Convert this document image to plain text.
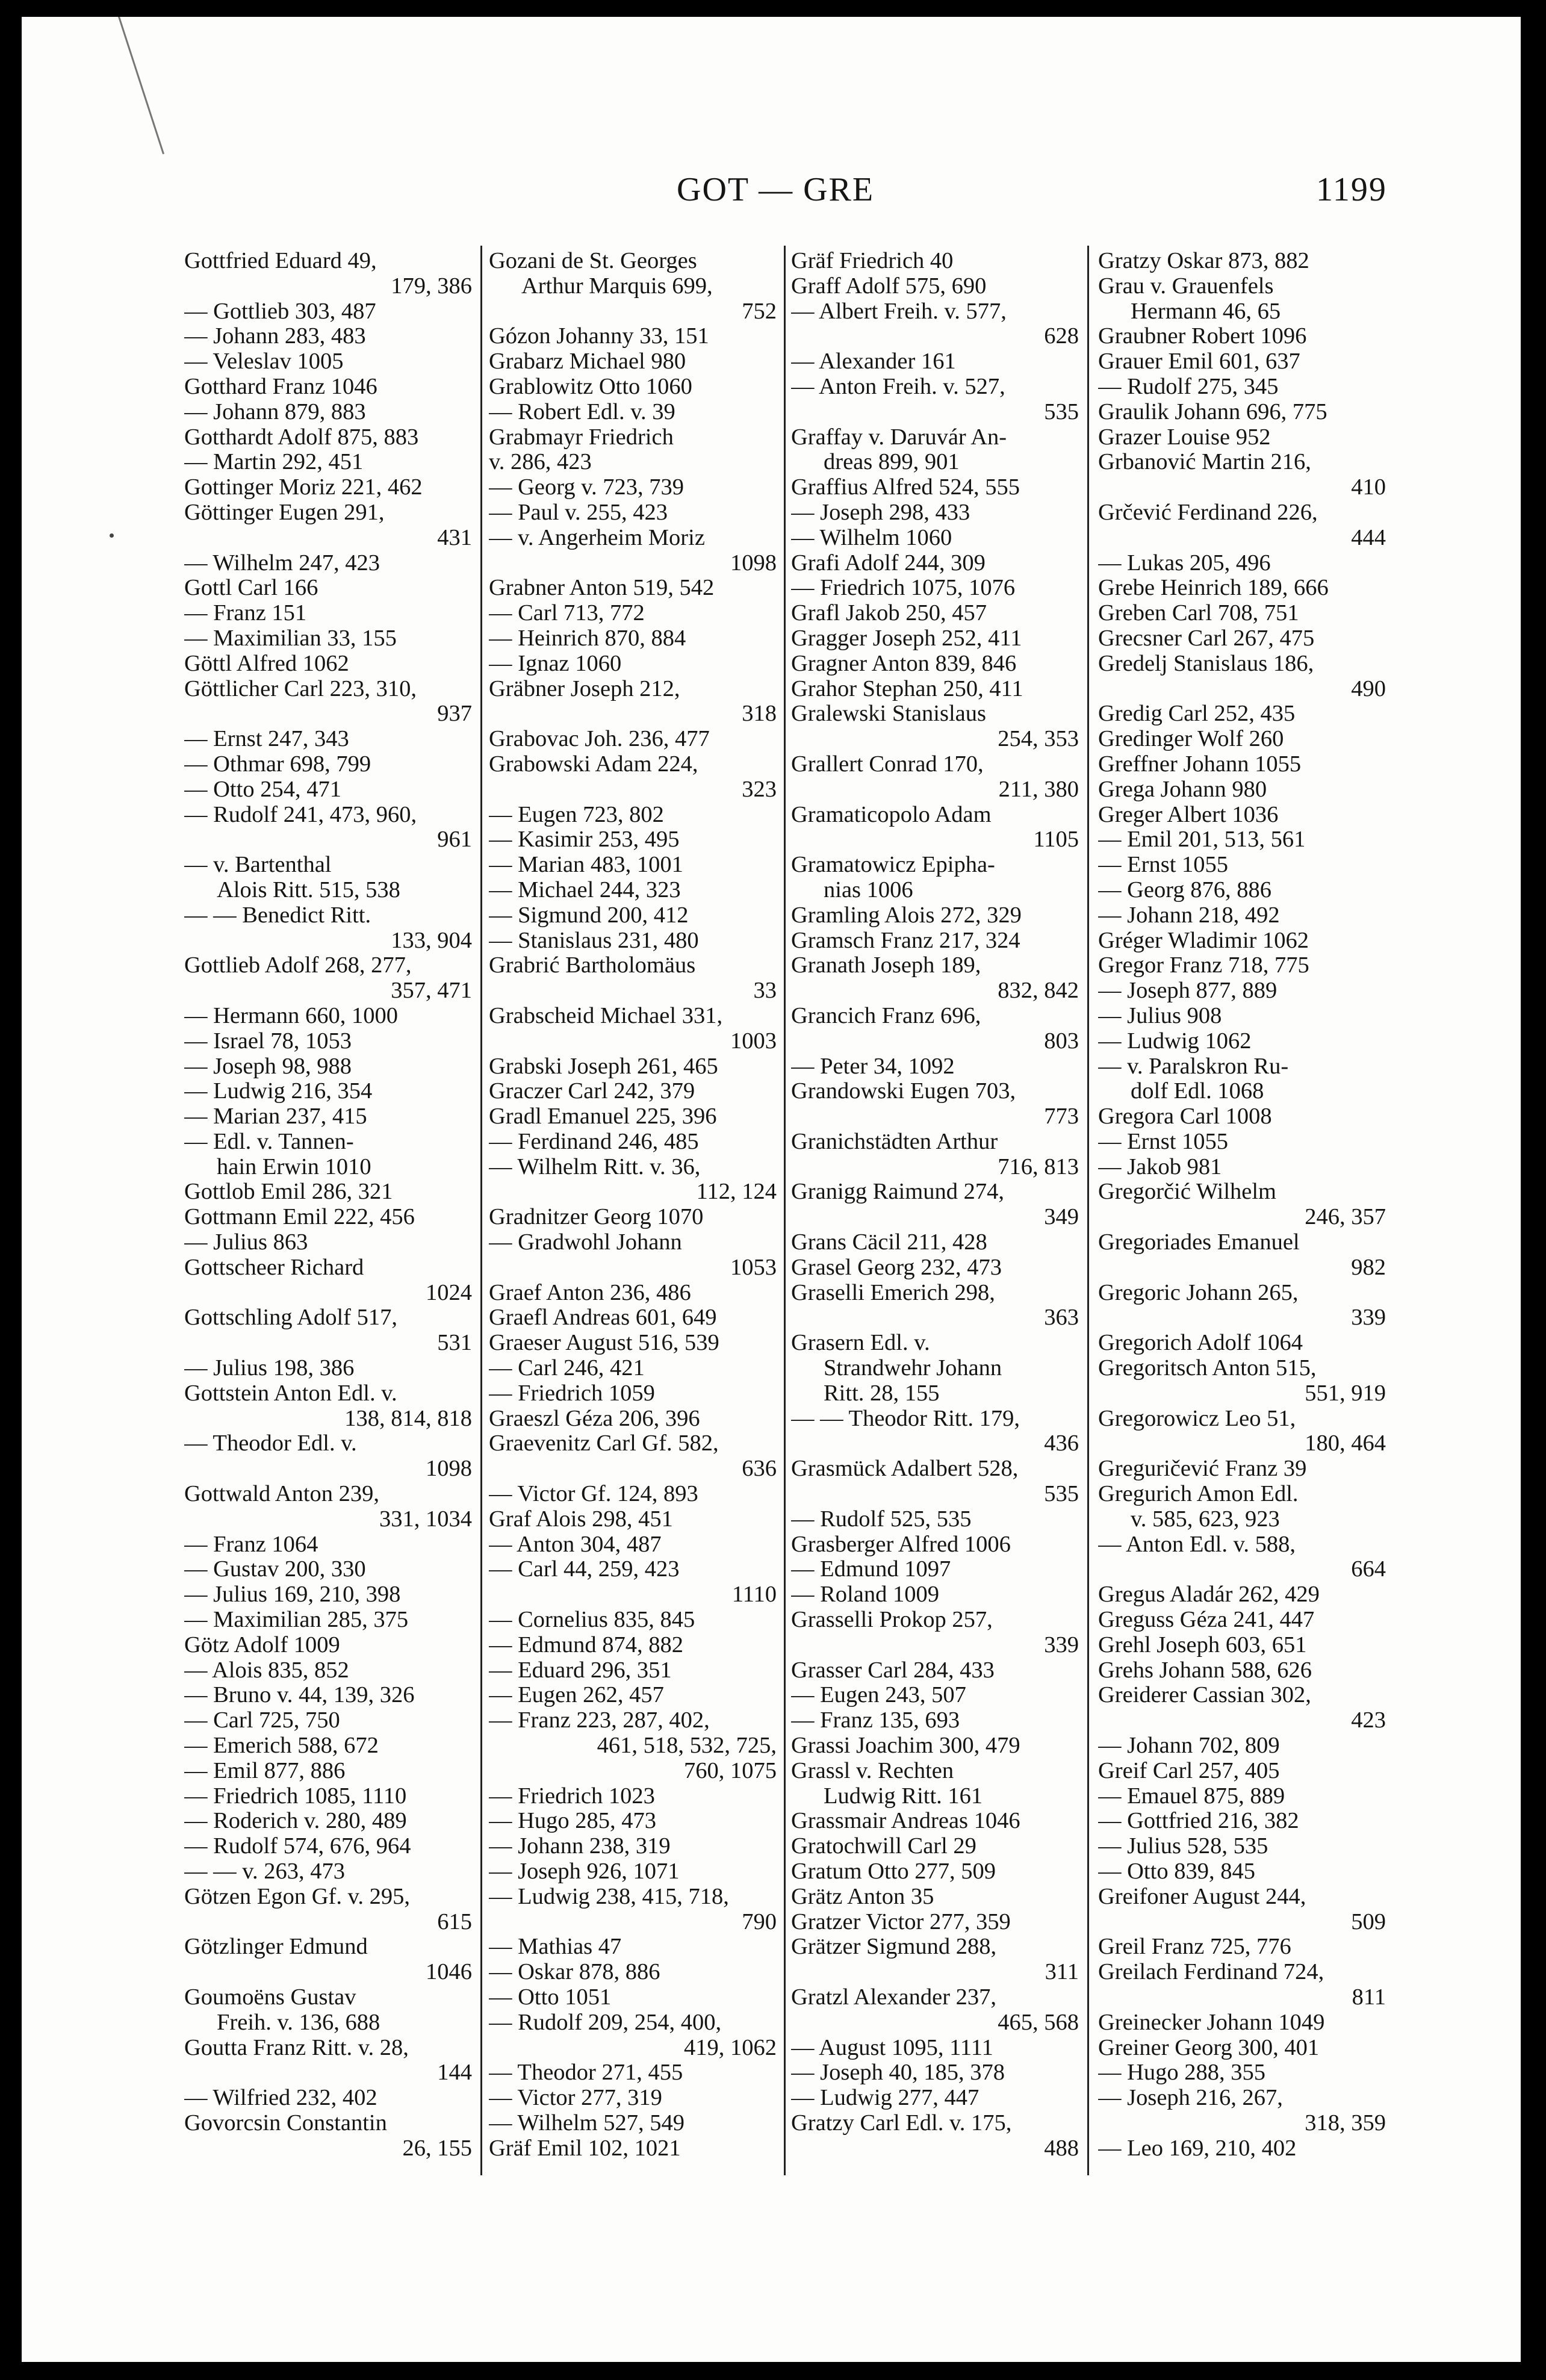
GOT — GRE	1199
Gottfried Eduard 49,
179, 386
— Gottlieb 303, 487
— Johann 283, 483
— Veleslav 1005
Gotthard Franz 1046
— Johann 879, 883
Gotthardt Adolf 875, 883
— Martin 292, 451
Gottinger Moriz 221, 462
Göttinger Eugen 291,
431
— Wilhelm 247, 423
Gottl Carl 166
— Franz 151
— Maximilian 33, 155
Göttl Alfred 1062
Göttlicher Carl 223, 310,
937
— Ernst 247, 343
— Othmar 698, 799
— Otto 254, 471
— Rudolf 241, 473, 960,
961
— v. Bartenthal
Alois Ritt. 515, 538
— — Benedict Ritt.
133, 904
Gottlieb Adolf 268, 277,
357, 471
— Hermann 660, 1000
— Israel 78, 1053
— Joseph 98, 988
— Ludwig 216, 354
— Marian 237, 415
— Edl. v. Tannen-
hain Erwin 1010
Gottlob Emil 286, 321
Gottmann Emil 222, 456
— Julius 863
Gottscheer Richard
1024
Gottschling Adolf 517,
531
— Julius 198, 386
Gottstein Anton Edl. v.
138, 814, 818
— Theodor Edl. v.
1098
Gottwald Anton 239,
331, 1034
— Franz 1064
— Gustav 200, 330
— Julius 169, 210, 398
— Maximilian 285, 375
Götz Adolf 1009
— Alois 835, 852
— Bruno v. 44, 139, 326
— Carl 725, 750
— Emerich 588, 672
— Emil 877, 886
— Friedrich 1085, 1110
— Roderich v. 280, 489
— Rudolf 574, 676, 964
— — v. 263, 473
Götzen Egon Gf. v. 295,
615
Götzlinger Edmund
1046
Goumoëns Gustav
Freih. v. 136, 688
Goutta Franz Ritt. v. 28,
144
— Wilfried 232, 402
Govorcsin Constantin
26, 155
Gozani de St. Georges
Arthur Marquis 699,
752
Gózon Johanny 33, 151
Grabarz Michael 980
Grablowitz Otto 1060
— Robert Edl. v. 39
Grabmayr Friedrich
v. 286, 423
— Georg v. 723, 739
— Paul v. 255, 423
— v. Angerheim Moriz
1098
Grabner Anton 519, 542
— Carl 713, 772
— Heinrich 870, 884
— Ignaz 1060
Gräbner Joseph 212,
318
Grabovac Joh. 236, 477
Grabowski Adam 224,
323
— Eugen 723, 802
— Kasimir 253, 495
— Marian 483, 1001
— Michael 244, 323
— Sigmund 200, 412
— Stanislaus 231, 480
Grabrić Bartholomäus
33
Grabscheid Michael 331,
1003
Grabski Joseph 261, 465
Graczer Carl 242, 379
Gradl Emanuel 225, 396
— Ferdinand 246, 485
— Wilhelm Ritt. v. 36,
112, 124
Gradnitzer Georg 1070
— Gradwohl Johann
1053
Graef Anton 236, 486
Graefl Andreas 601, 649
Graeser August 516, 539
— Carl 246, 421
— Friedrich 1059
Graeszl Géza 206, 396
Graevenitz Carl Gf. 582,
636
— Victor Gf. 124, 893
Graf Alois 298, 451
— Anton 304, 487
— Carl 44, 259, 423
1110
— Cornelius 835, 845
— Edmund 874, 882
— Eduard 296, 351
— Eugen 262, 457
— Franz 223, 287, 402,
461, 518, 532, 725,
760, 1075
— Friedrich 1023
— Hugo 285, 473
— Johann 238, 319
— Joseph 926, 1071
— Ludwig 238, 415, 718,
790
— Mathias 47
— Oskar 878, 886
— Otto 1051
— Rudolf 209, 254, 400,
419, 1062
— Theodor 271, 455
— Victor 277, 319
— Wilhelm 527, 549
Gräf Emil 102, 1021
Gräf Friedrich 40
Graff Adolf 575, 690
— Albert Freih. v. 577,
628
— Alexander 161
— Anton Freih. v. 527,
535
Graffay v. Daruvár An-
dreas 899, 901
Graffius Alfred 524, 555
— Joseph 298, 433
— Wilhelm 1060
Grafi Adolf 244, 309
— Friedrich 1075, 1076
Grafl Jakob 250, 457
Gragger Joseph 252, 411
Gragner Anton 839, 846
Grahor Stephan 250, 411
Gralewski Stanislaus
254, 353
Grallert Conrad 170,
211, 380
Gramaticopolo Adam
1105
Gramatowicz Epipha-
nias 1006
Gramling Alois 272, 329
Gramsch Franz 217, 324
Granath Joseph 189,
832, 842
Grancich Franz 696,
803
— Peter 34, 1092
Grandowski Eugen 703,
773
Granichstädten Arthur
716, 813
Granigg Raimund 274,
349
Grans Cäcil 211, 428
Grasel Georg 232, 473
Graselli Emerich 298,
363
Grasern Edl. v.
Strandwehr Johann
Ritt. 28, 155
— — Theodor Ritt. 179,
436
Grasmück Adalbert 528,
535
— Rudolf 525, 535
Grasberger Alfred 1006
— Edmund 1097
— Roland 1009
Grasselli Prokop 257,
339
Grasser Carl 284, 433
— Eugen 243, 507
— Franz 135, 693
Grassi Joachim 300, 479
Grassl v. Rechten
Ludwig Ritt. 161
Grassmair Andreas 1046
Gratochwill Carl 29
Gratum Otto 277, 509
Grätz Anton 35
Gratzer Victor 277, 359
Grätzer Sigmund 288,
311
Gratzl Alexander 237,
465, 568
— August 1095, 1111
— Joseph 40, 185, 378
— Ludwig 277, 447
Gratzy Carl Edl. v. 175,
488
Gratzy Oskar 873, 882
Grau v. Grauenfels
Hermann 46, 65
Graubner Robert 1096
Grauer Emil 601, 637
— Rudolf 275, 345
Graulik Johann 696, 775
Grazer Louise 952
Grbanović Martin 216,
410
Grčević Ferdinand 226,
444
— Lukas 205, 496
Grebe Heinrich 189, 666
Greben Carl 708, 751
Grecsner Carl 267, 475
Gredelj Stanislaus 186,
490
Gredig Carl 252, 435
Gredinger Wolf 260
Greffner Johann 1055
Grega Johann 980
Greger Albert 1036
— Emil 201, 513, 561
— Ernst 1055
— Georg 876, 886
— Johann 218, 492
Gréger Wladimir 1062
Gregor Franz 718, 775
— Joseph 877, 889
— Julius 908
— Ludwig 1062
— v. Paralskron Ru-
dolf Edl. 1068
Gregora Carl 1008
— Ernst 1055
— Jakob 981
Gregorčić Wilhelm
246, 357
Gregoriades Emanuel
982
Gregoric Johann 265,
339
Gregorich Adolf 1064
Gregoritsch Anton 515,
551, 919
Gregorowicz Leo 51,
180, 464
Greguričević Franz 39
Gregurich Amon Edl.
v. 585, 623, 923
— Anton Edl. v. 588,
664
Gregus Aladár 262, 429
Greguss Géza 241, 447
Grehl Joseph 603, 651
Grehs Johann 588, 626
Greiderer Cassian 302,
423
— Johann 702, 809
Greif Carl 257, 405
— Emauel 875, 889
— Gottfried 216, 382
— Julius 528, 535
— Otto 839, 845
Greifoner August 244,
509
Greil Franz 725, 776
Greilach Ferdinand 724,
811
Greinecker Johann 1049
Greiner Georg 300, 401
— Hugo 288, 355
— Joseph 216, 267,
318, 359
— Leo 169, 210, 402
